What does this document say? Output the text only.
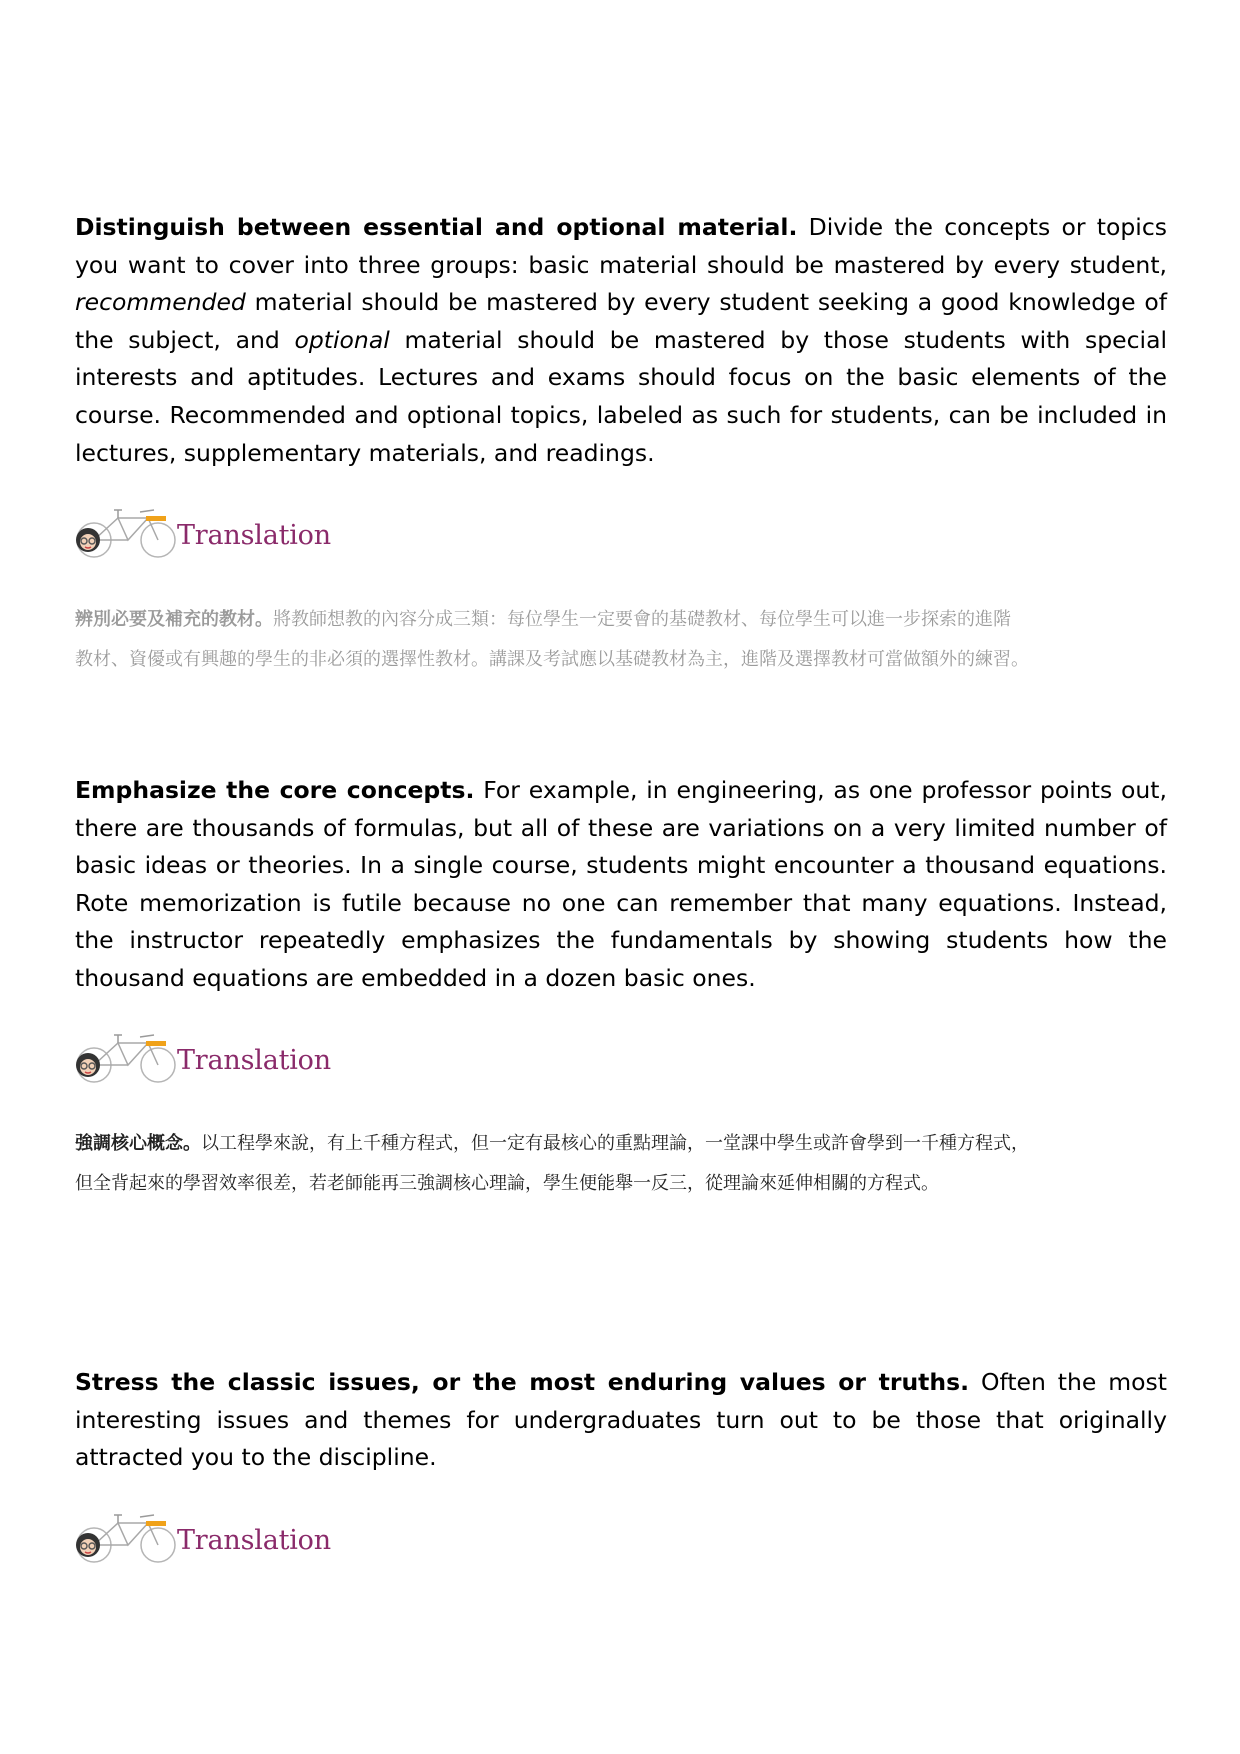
Distinguish between essential and optional material. Divide the concepts or topics you want to cover into three groups: basic material should be mastered by every student, recommended material should be mastered by every student seeking a good knowledge of the subject, and optional material should be mastered by those students with special interests and aptitudes. Lectures and exams should focus on the basic elements of the course. Recommended and optional topics, labeled as such for students, can be included in lectures, supplementary materials, and readings.

Translation

辨別必要及補充的教材。將教師想教的內容分成三類：每位學生一定要會的基礎教材、每位學生可以進一步探索的進階

教材、資優或有興趣的學生的非必須的選擇性教材。講課及考試應以基礎教材為主，進階及選擇教材可當做額外的練習。

Emphasize the core concepts. For example, in engineering, as one professor points out, there are thousands of formulas, but all of these are variations on a very limited number of basic ideas or theories. In a single course, students might encounter a thousand equations. Rote memorization is futile because no one can remember that many equations. Instead, the instructor repeatedly emphasizes the fundamentals by showing students how the thousand equations are embedded in a dozen basic ones.

Translation

強調核心概念。以工程學來說，有上千種方程式，但一定有最核心的重點理論，一堂課中學生或許會學到一千種方程式，

但全背起來的學習效率很差，若老師能再三強調核心理論，學生便能舉一反三，從理論來延伸相關的方程式。

Stress the classic issues, or the most enduring values or truths. Often the most interesting issues and themes for undergraduates turn out to be those that originally attracted you to the discipline.

Translation
